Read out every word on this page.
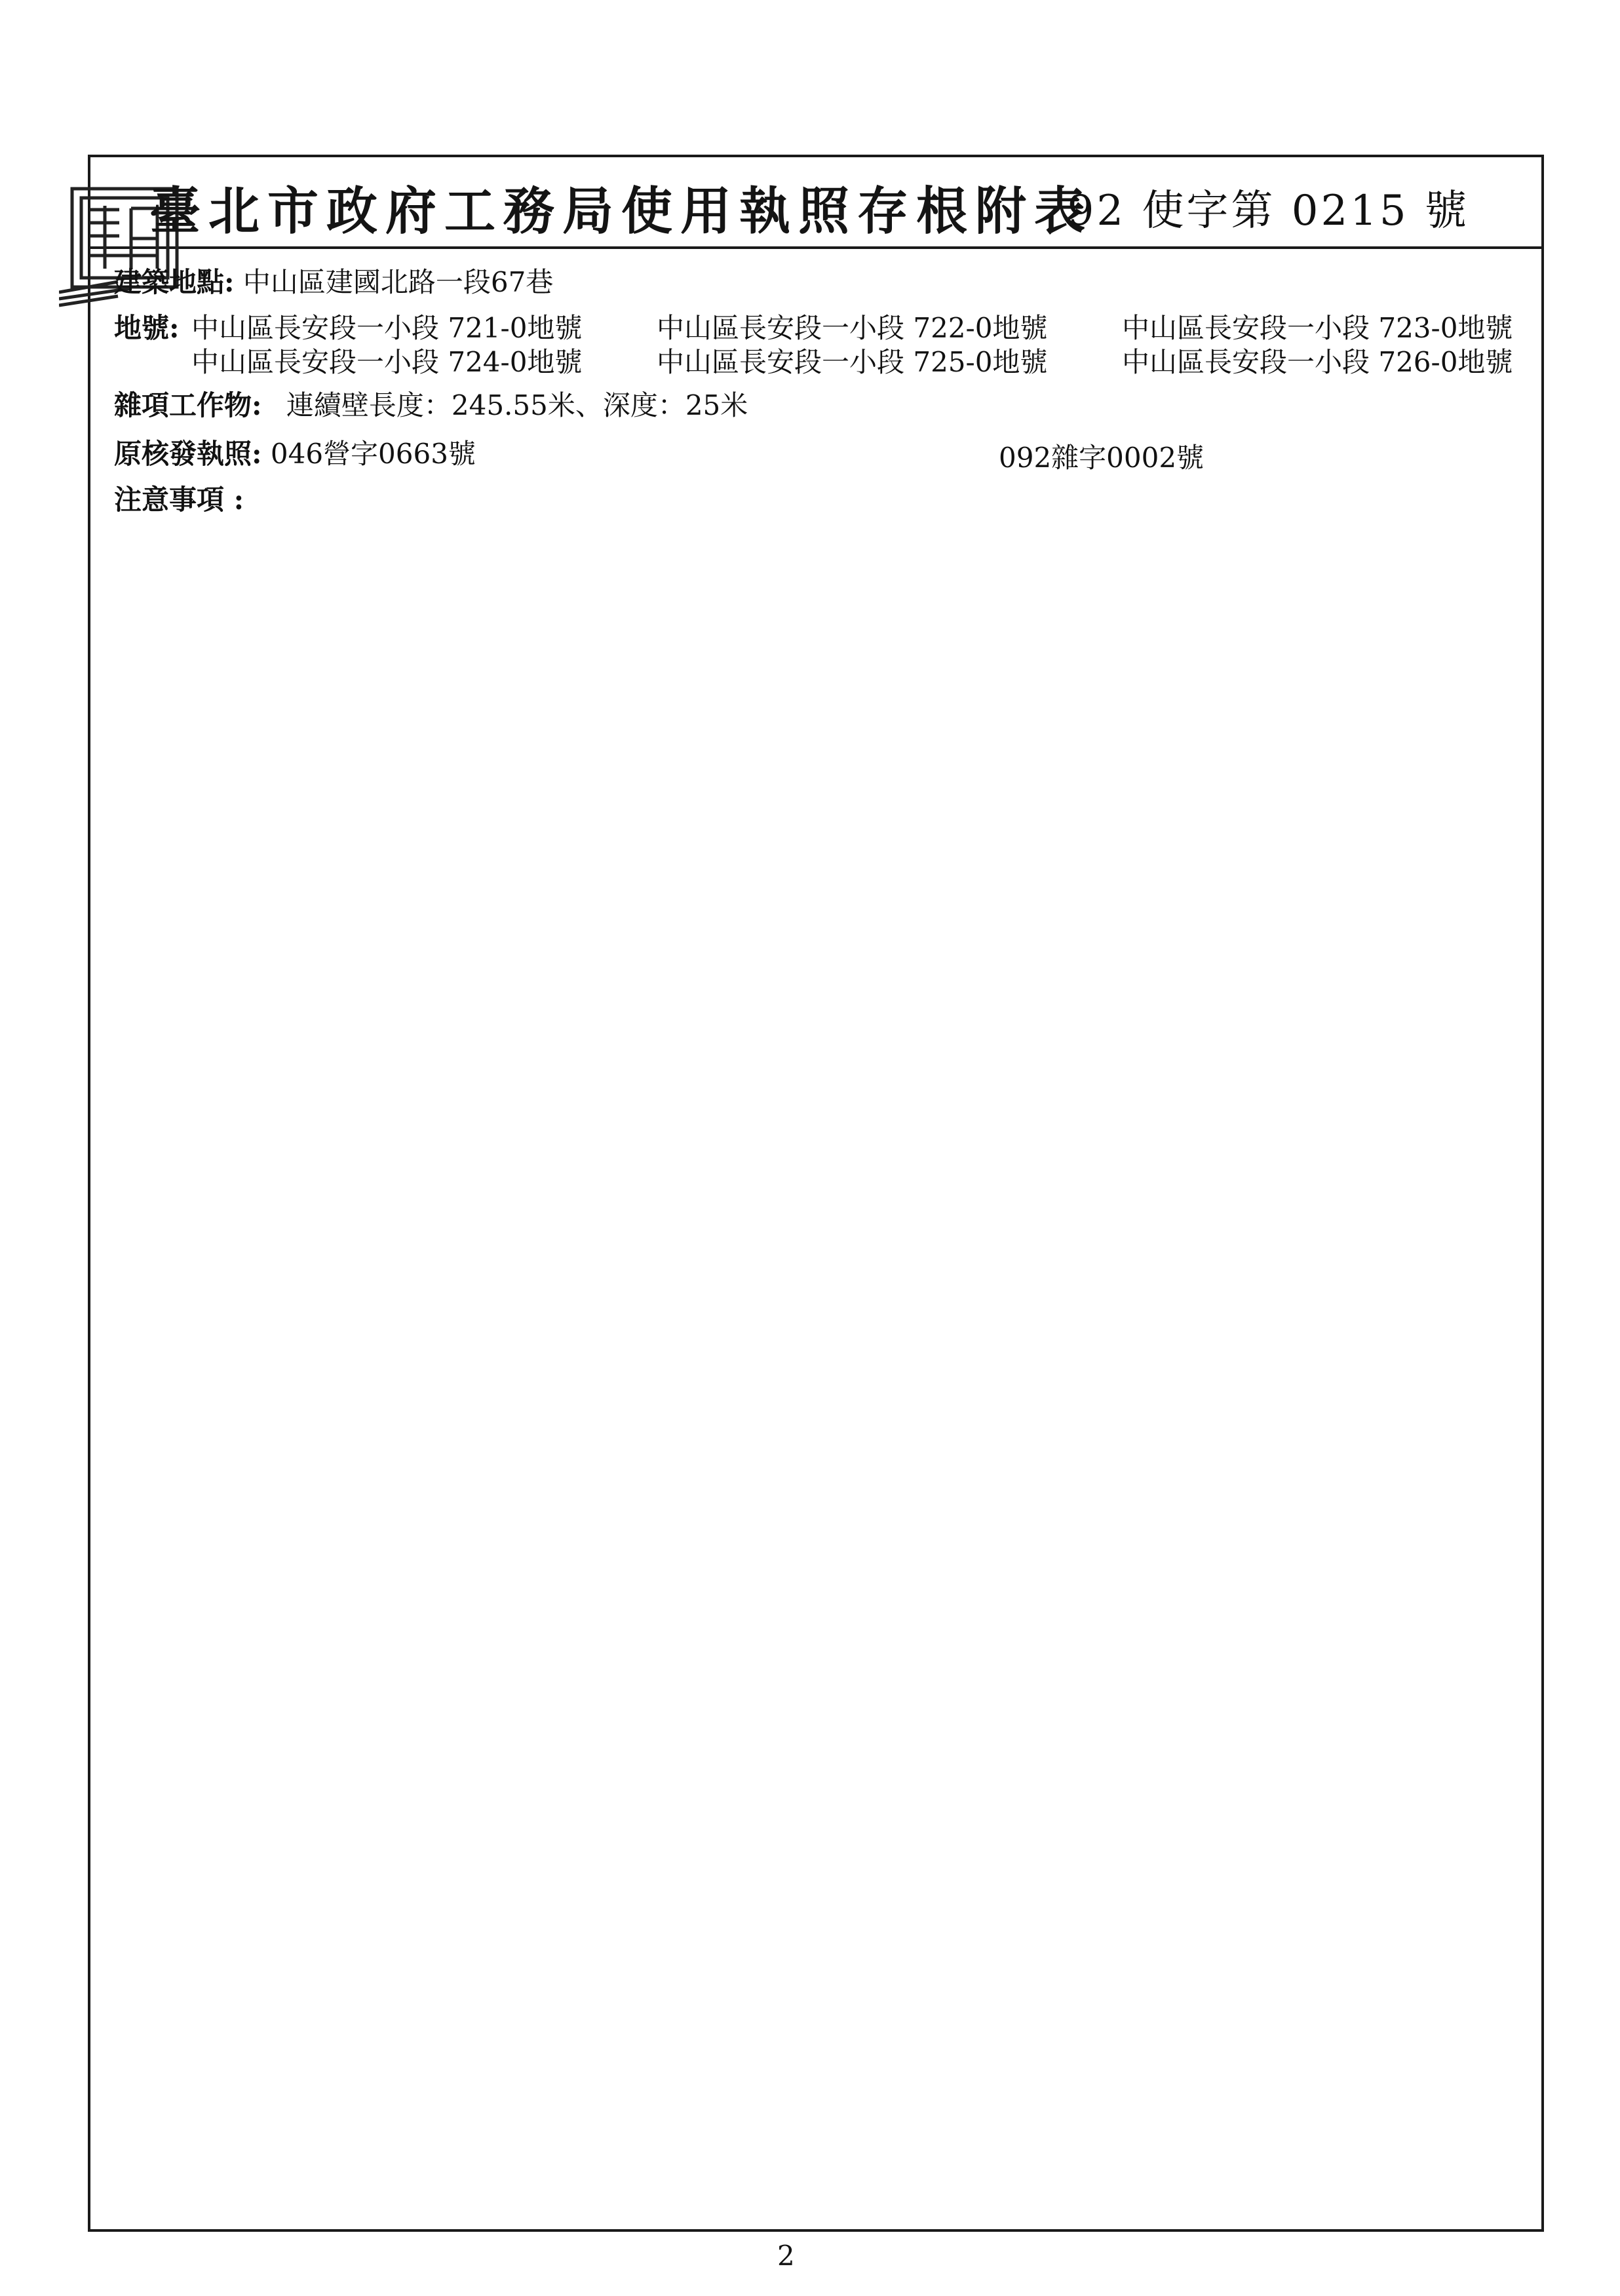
臺北市政府工務局使用執照存根附表
92 使字第 0215 號
建築地點: 中山區建國北路一段67巷
地號: 中山區長安段一小段 721-0地號	中山區長安段一小段 722-0地號	中山區長安段一小段 723-0地號
中山區長安段一小段 724-0地號	中山區長安段一小段 725-0地號	中山區長安段一小段 726-0地號
雜項工作物: 連續壁長度：245.55米、深度：25米
原核發執照: 046營字0663號	092雜字0002號
注意事項 :
2
